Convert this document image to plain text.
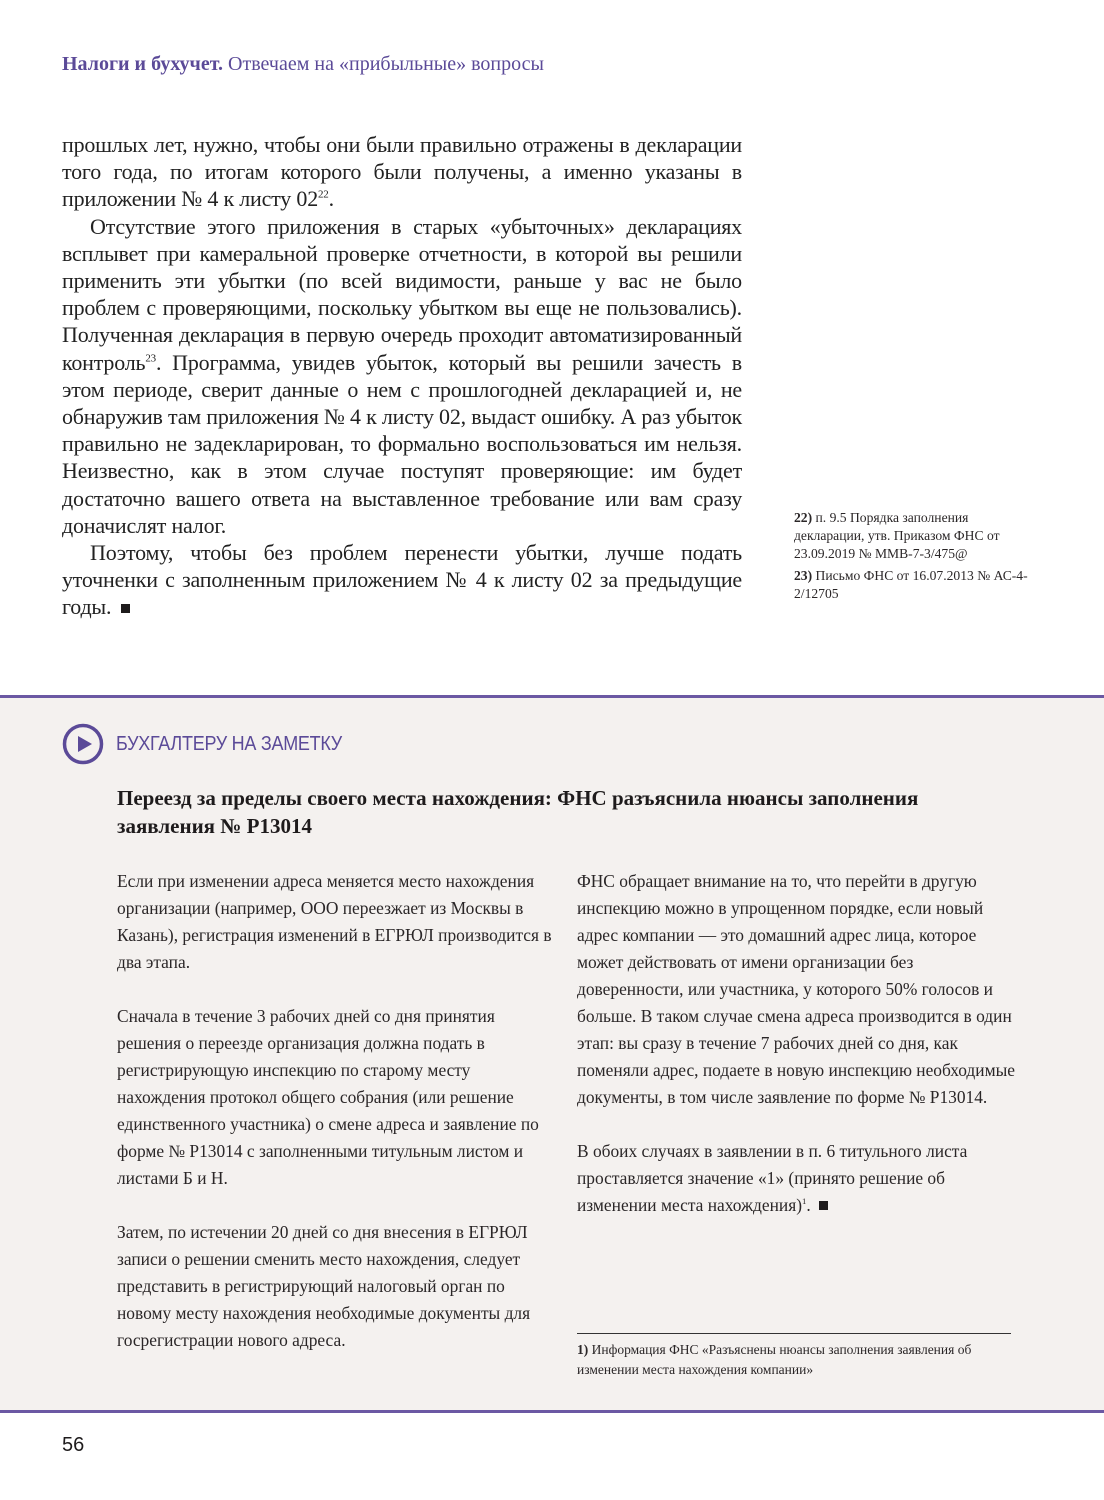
Налоги и бухучет. Отвечаем на «прибыльные» вопросы

прошлых лет, нужно, чтобы они были правильно отражены в декларации того года, по итогам которого были получены, а именно указаны в приложении № 4 к листу $02^{22}$.

Отсутствие этого приложения в старых «убыточных» декларациях всплывет при камеральной проверке отчетности, в которой вы решили применить эти убытки (по всей видимости, раньше у вас не было проблем с проверяющими, поскольку убытком вы еще не пользовались). Полученная декларация в первую очередь проходит автоматизированный контроль$^{23}$. Программа, увидев убыток, который вы решили зачесть в этом периоде, сверит данные о нем с прошлогодней декларацией и, не обнаружив там приложения № 4 к листу 02, выдаст ошибку. А раз убыток правильно не задекларирован, то формально воспользоваться им нельзя. Неизвестно, как в этом случае поступят проверяющие: им будет достаточно вашего ответа на выставленное требование или вам сразу доначислят налог.

Поэтому, чтобы без проблем перенести убытки, лучше подать уточненки с заполненным приложением № 4 к листу 02 за предыдущие годы.

22) п. 9.5 Порядка заполнения декларации, утв. Приказом ФНС от 23.09.2019 № ММВ-7-3/475@
23) Письмо ФНС от 16.07.2013 № АС-4-2/12705
БУХГАЛТЕРУ НА ЗАМЕТКУ
Переезд за пределы своего места нахождения: ФНС разъяснила нюансы заполнения заявления № Р13014

Если при изменении адреса меняется место нахождения организации (например, ООО переезжает из Москвы в Казань), регистрация изменений в ЕГРЮЛ производится в два этапа.

Сначала в течение 3 рабочих дней со дня принятия решения о переезде организация должна подать в регистрирующую инспекцию по старому месту нахождения протокол общего собрания (или решение единственного участника) о смене адреса и заявление по форме № Р13014 с заполненными титульным листом и листами Б и Н.

Затем, по истечении 20 дней со дня внесения в ЕГРЮЛ записи о решении сменить место нахождения, следует представить в регистрирующий налоговый орган по новому месту нахождения необходимые документы для госрегистрации нового адреса.

ФНС обращает внимание на то, что перейти в другую инспекцию можно в упрощенном порядке, если новый адрес компании — это домашний адрес лица, которое может действовать от имени организации без доверенности, или участника, у которого 50% голосов и больше. В таком случае смена адреса производится в один этап: вы сразу в течение 7 рабочих дней со дня, как поменяли адрес, подаете в новую инспекцию необходимые документы, в том числе заявление по форме № Р13014.

В обоих случаях в заявлении в п. 6 титульного листа проставляется значение «1» (принято решение об изменении места нахождения)$^1$.

1) Информация ФНС «Разъяснены нюансы заполнения заявления об изменении места нахождения компании»
56
